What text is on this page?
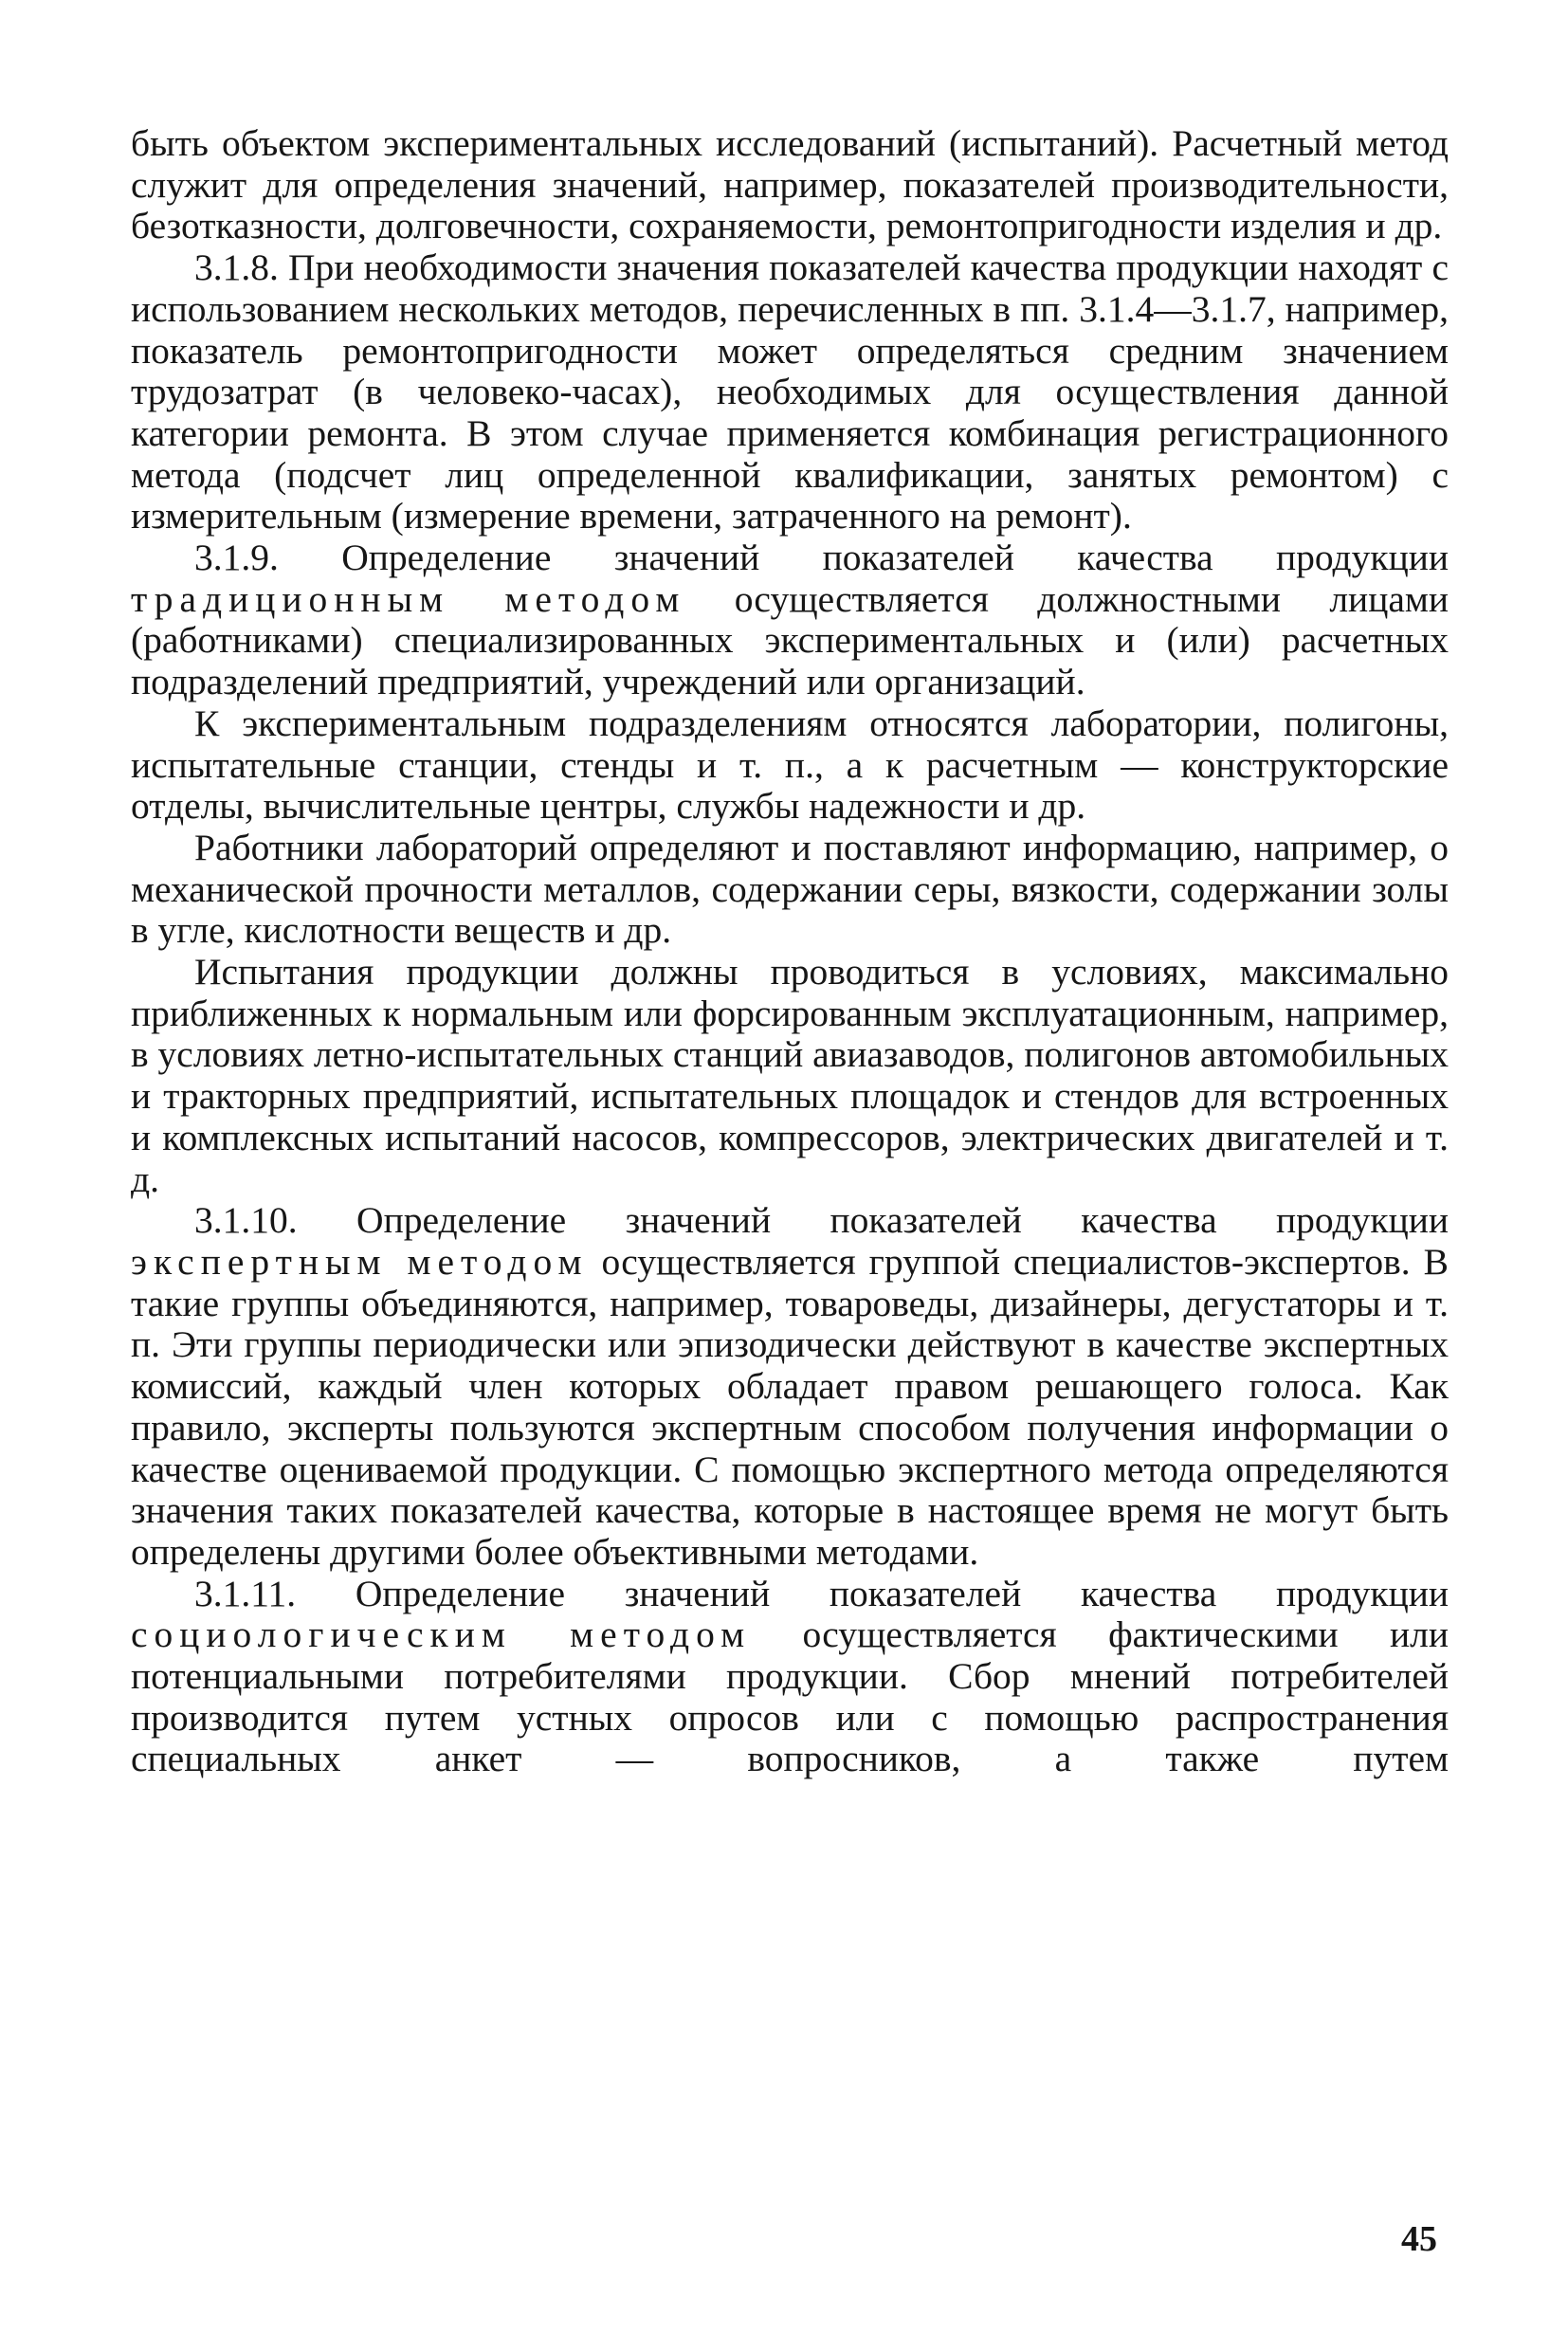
быть объектом экспериментальных исследований (испытаний). Расчетный метод служит для определения значений, например, показателей производительности, безотказности, долговечности, сохраняемости, ремонтопригодности изделия и др.

3.1.8. При необходимости значения показателей качества продукции находят с использованием нескольких методов, перечисленных в пп. 3.1.4—3.1.7, например, показатель ремонтопригодности может определяться средним значением трудозатрат (в человеко-часах), необходимых для осуществления данной категории ремонта. В этом случае применяется комбинация регистрационного метода (подсчет лиц определенной квалификации, занятых ремонтом) с измерительным (измерение времени, затраченного на ремонт).

3.1.9. Определение значений показателей качества продукции традиционным методом осуществляется должностными лицами (работниками) специализированных экспериментальных и (или) расчетных подразделений предприятий, учреждений или организаций.

К экспериментальным подразделениям относятся лаборатории, полигоны, испытательные станции, стенды и т. п., а к расчетным — конструкторские отделы, вычислительные центры, службы надежности и др.

Работники лабораторий определяют и поставляют информацию, например, о механической прочности металлов, содержании серы, вязкости, содержании золы в угле, кислотности веществ и др.

Испытания продукции должны проводиться в условиях, максимально приближенных к нормальным или форсированным эксплуатационным, например, в условиях летно-испытательных станций авиазаводов, полигонов автомобильных и тракторных предприятий, испытательных площадок и стендов для встроенных и комплексных испытаний насосов, компрессоров, электрических двигателей и т. д.

3.1.10. Определение значений показателей качества продукции экспертным методом осуществляется группой специалистов-экспертов. В такие группы объединяются, например, товароведы, дизайнеры, дегустаторы и т. п. Эти группы периодически или эпизодически действуют в качестве экспертных комиссий, каждый член которых обладает правом решающего голоса. Как правило, эксперты пользуются экспертным способом получения информации о качестве оцениваемой продукции. С помощью экспертного метода определяются значения таких показателей качества, которые в настоящее время не могут быть определены другими более объективными методами.

3.1.11. Определение значений показателей качества продукции социологическим методом осуществляется фактическими или потенциальными потребителями продукции. Сбор мнений потребителей производится путем устных опросов или с помощью распространения специальных анкет — вопросников, а также путем

45
